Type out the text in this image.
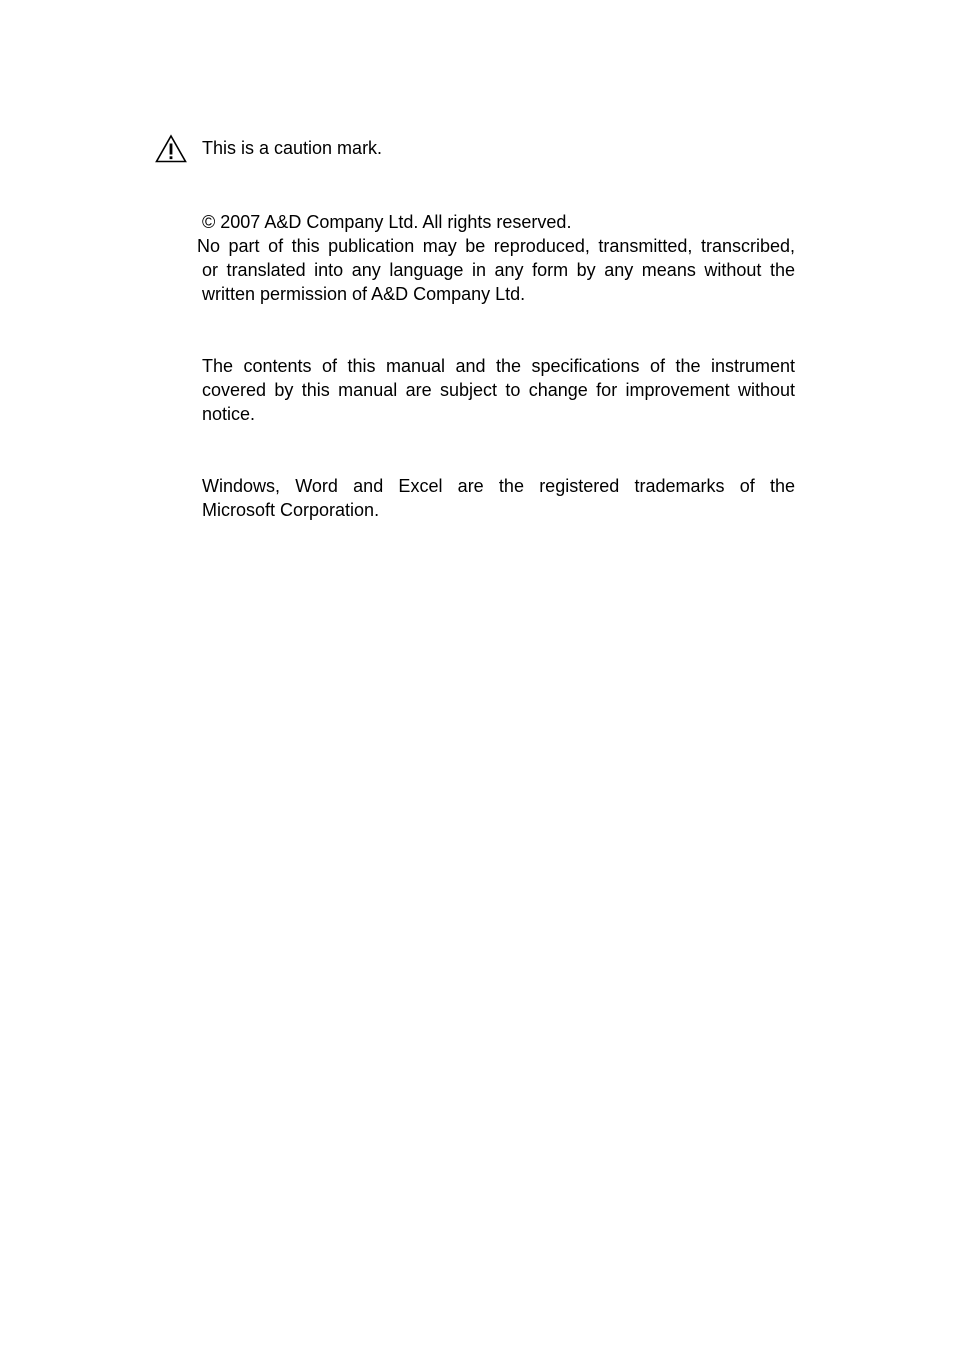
This is a caution mark.
© 2007 A&D Company Ltd. All rights reserved.
No part of this publication may be reproduced, transmitted, transcribed,
or translated into any language in any form by any means without the
written permission of A&D Company Ltd.
The contents of this manual and the specifications of the instrument
covered by this manual are subject to change for improvement without
notice.
Windows, Word and Excel are the registered trademarks of the
Microsoft Corporation.
